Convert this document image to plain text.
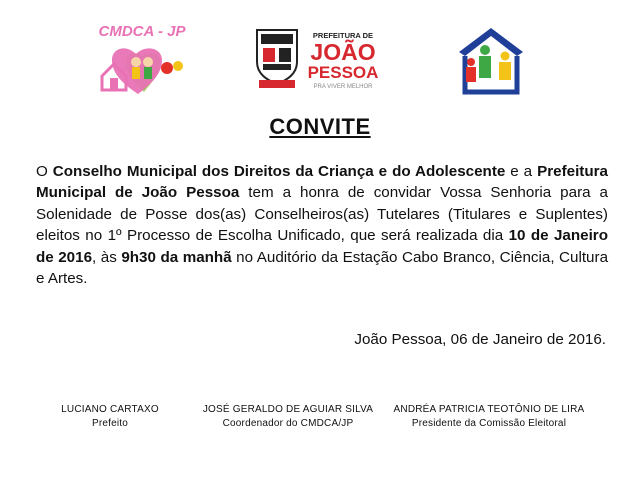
CMDCA - JP	PREFEITURA DE
JOÃO
PESSOA
PRA VIVER MELHOR
CONVITE
O Conselho Municipal dos Direitos da Criança e do Adolescente e a Prefeitura Municipal de João Pessoa tem a honra de convidar Vossa Senhoria para a Solenidade de Posse dos(as) Conselheiros(as) Tutelares (Titulares e Suplentes) eleitos no 1º Processo de Escolha Unificado, que será realizada dia 10 de Janeiro de 2016, às 9h30 da manhã no Auditório da Estação Cabo Branco, Ciência, Cultura e Artes.
João Pessoa, 06 de Janeiro de 2016.
LUCIANO CARTAXO
Prefeito
JOSÉ GERALDO DE AGUIAR SILVA
Coordenador do CMDCA/JP
ANDRÉA PATRICIA TEOTÔNIO DE LIRA
Presidente da Comissão Eleitoral
